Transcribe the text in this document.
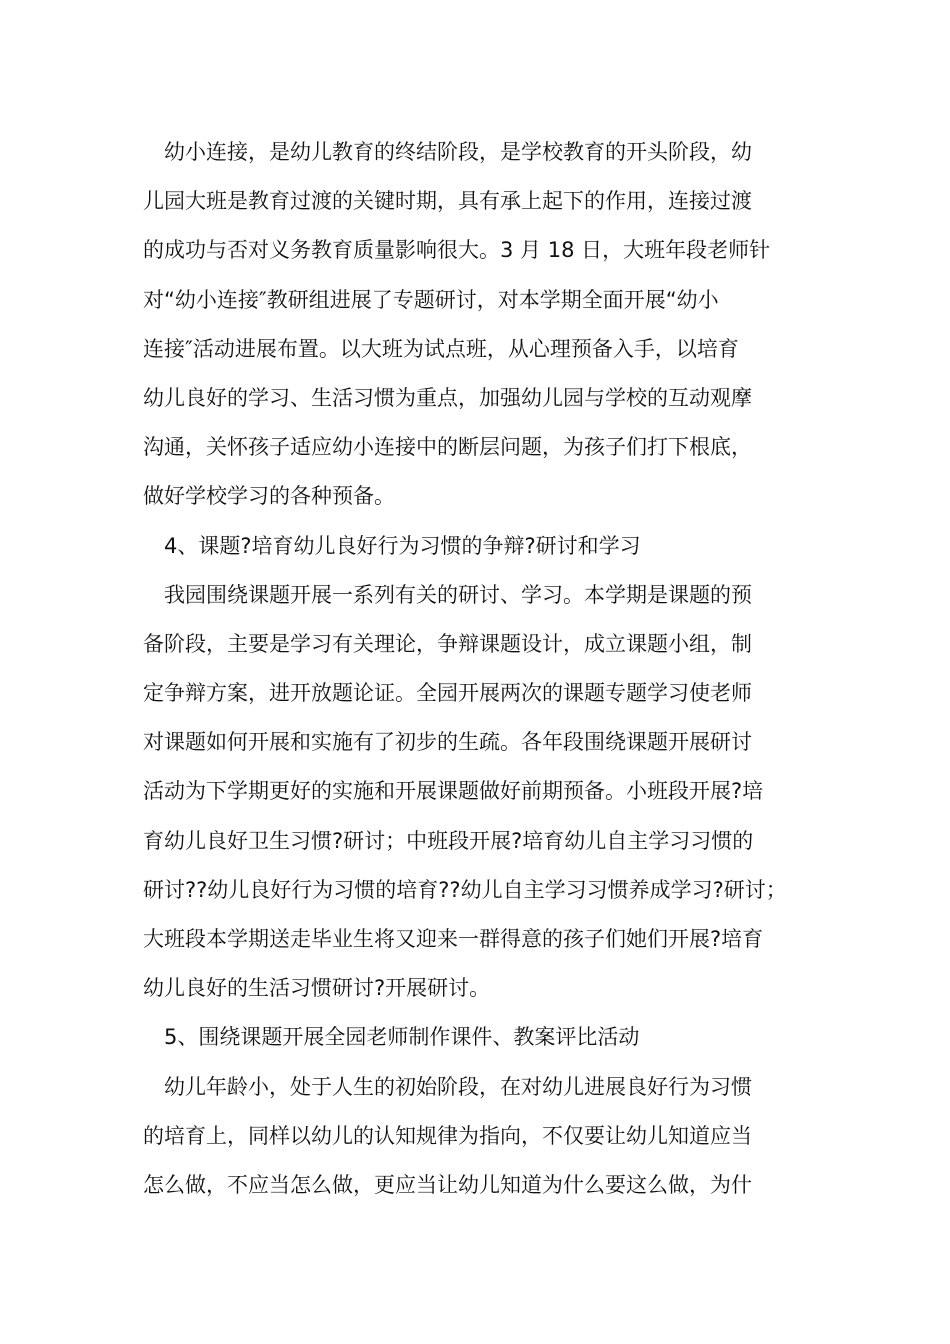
幼小连接，是幼儿教育的终结阶段，是学校教育的开头阶段，幼
儿园大班是教育过渡的关键时期，具有承上起下的作用，连接过渡
的成功与否对义务教育质量影响很大。3 月 18 日，大班年段老师针
对“幼小连接″教研组进展了专题研讨，对本学期全面开展“幼小
连接″活动进展布置。以大班为试点班，从心理预备入手，以培育
幼儿良好的学习、生活习惯为重点，加强幼儿园与学校的互动观摩
沟通，关怀孩子适应幼小连接中的断层问题，为孩子们打下根底，
做好学校学习的各种预备。
4、课题?培育幼儿良好行为习惯的争辩?研讨和学习
我园围绕课题开展一系列有关的研讨、学习。本学期是课题的预
备阶段，主要是学习有关理论，争辩课题设计，成立课题小组，制
定争辩方案，进开放题论证。全园开展两次的课题专题学习使老师
对课题如何开展和实施有了初步的生疏。各年段围绕课题开展研讨
活动为下学期更好的实施和开展课题做好前期预备。小班段开展?培
育幼儿良好卫生习惯?研讨；中班段开展?培育幼儿自主学习习惯的
研讨??幼儿良好行为习惯的培育??幼儿自主学习习惯养成学习?研讨；
大班段本学期送走毕业生将又迎来一群得意的孩子们她们开展?培育
幼儿良好的生活习惯研讨?开展研讨。
5、围绕课题开展全园老师制作课件、教案评比活动
幼儿年龄小，处于人生的初始阶段，在对幼儿进展良好行为习惯
的培育上，同样以幼儿的认知规律为指向，不仅要让幼儿知道应当
怎么做，不应当怎么做，更应当让幼儿知道为什么要这么做，为什
